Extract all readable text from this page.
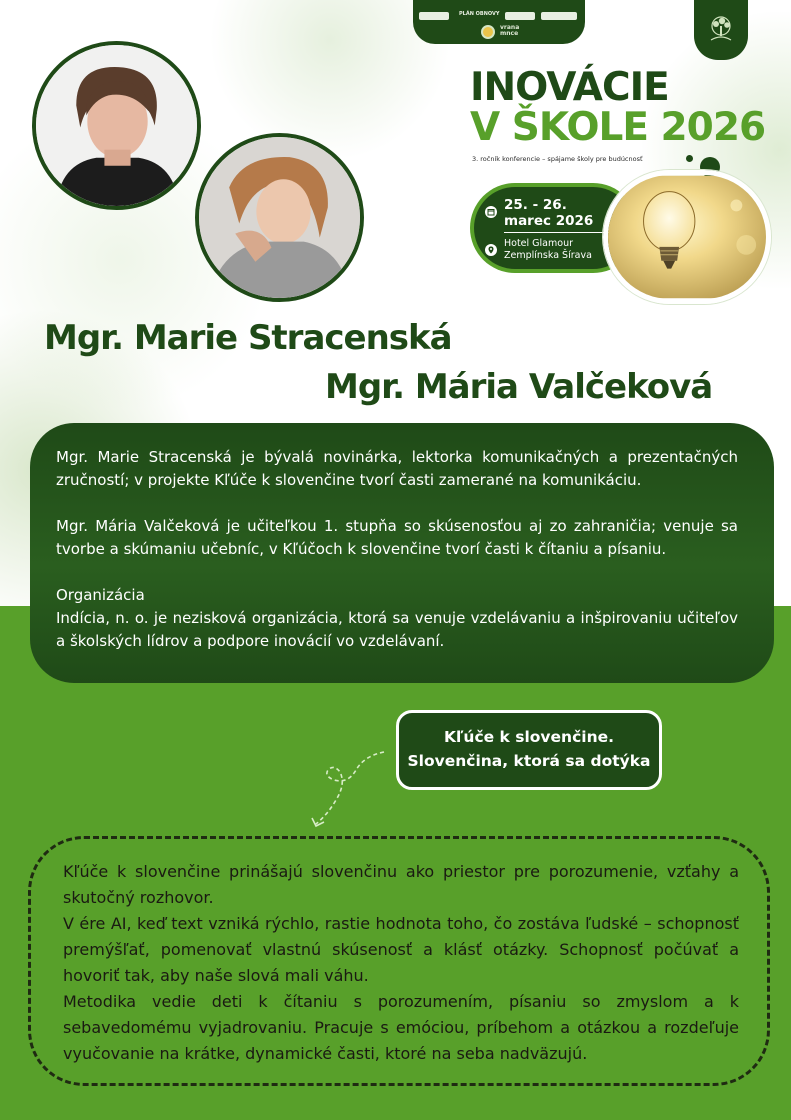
PLÁN OBNOVY
vrana
mnce
INOVÁCIE
V ŠKOLE 2026
3. ročník konferencie – spájame školy pre budúcnosť
25. - 26.
marec 2026
Hotel Glamour
Zemplínska Šírava
Mgr. Marie Stracenská
Mgr. Mária Valčeková

Mgr. Marie Stracenská je bývalá novinárka, lektorka komunikačných a prezentačných zručností; v projekte Kľúče k slovenčine tvorí časti zamerané na komunikáciu.

Mgr. Mária Valčeková je učiteľkou 1. stupňa so skúsenosťou aj zo zahraničia; venuje sa tvorbe a skúmaniu učebníc, v Kľúčoch k slovenčine tvorí časti k čítaniu a písaniu.

Organizácia
Indícia, n. o. je nezisková organizácia, ktorá sa venuje vzdelávaniu a inšpirovaniu učiteľov a školských lídrov a podpore inovácií vo vzdelávaní.

Kľúče k slovenčine.
Slovenčina, ktorá sa dotýka
Kľúče k slovenčine prinášajú slovenčinu ako priestor pre porozumenie, vzťahy a skutočný rozhovor.
V ére AI, keď text vzniká rýchlo, rastie hodnota toho, čo zostáva ľudské – schopnosť premýšľať, pomenovať vlastnú skúsenosť a klásť otázky. Schopnosť počúvať a hovoriť tak, aby naše slová mali váhu.
Metodika vedie deti k čítaniu s porozumením, písaniu so zmyslom a k sebavedomému vyjadrovaniu. Pracuje s emóciou, príbehom a otázkou a rozdeľuje vyučovanie na krátke, dynamické časti, ktoré na seba nadväzujú.
